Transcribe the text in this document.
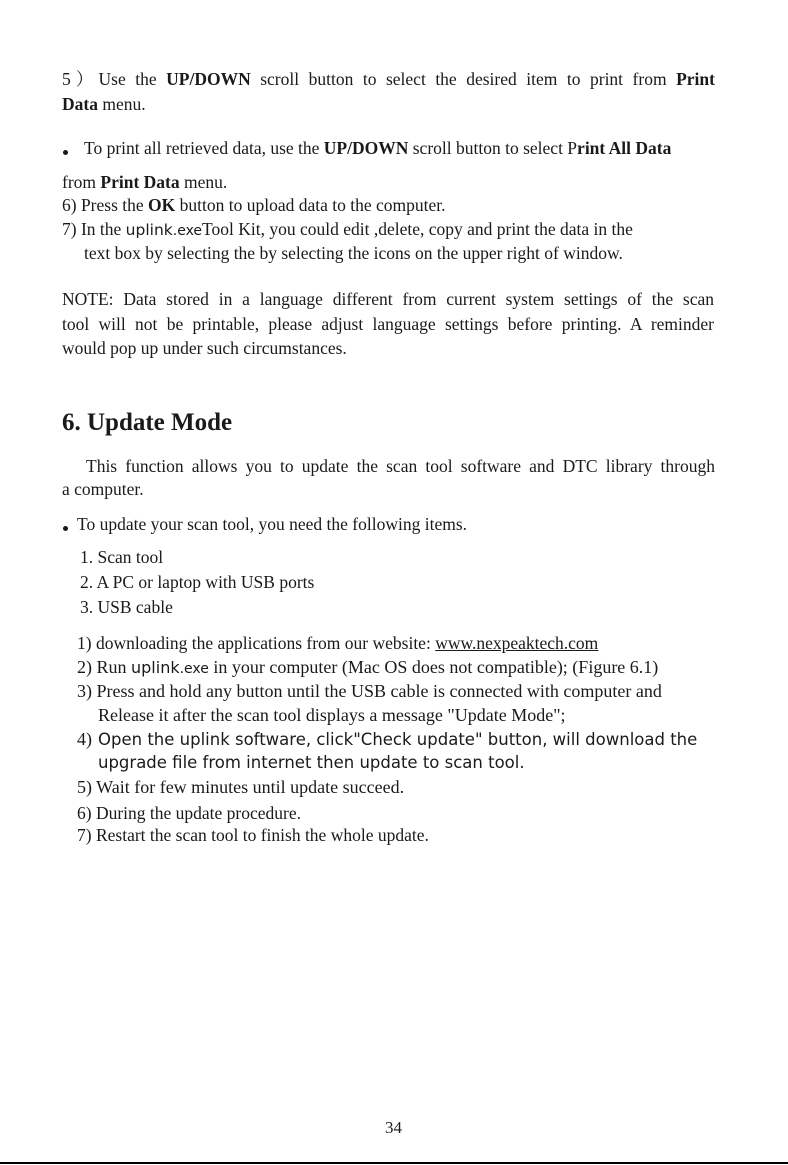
5）Use the UP/DOWN scroll button to select the desired item to print from Print
Data menu.
To print all retrieved data, use the UP/DOWN scroll button to select Print All Data
from Print Data menu.
6) Press the OK button to upload data to the computer.
7) In the uplink.exeTool Kit, you could edit ,delete, copy and print the data in the
text box by selecting the by selecting the icons on the upper right of window.
NOTE: Data stored in a language different from current system settings of the scan
tool will not be printable, please adjust language settings before printing. A reminder
would pop up under such circumstances.
6. Update Mode
This function allows you to update the scan tool software and DTC library through
a computer.
To update your scan tool, you need the following items.
1. Scan tool
2. A PC or laptop with USB ports
3. USB cable
1) downloading the applications from our website: www.nexpeaktech.com
2) Run uplink.exe in your computer (Mac OS does not compatible); (Figure 6.1)
3) Press and hold any button until the USB cable is connected with computer and
Release it after the scan tool displays a message "Update Mode";
4) Open the uplink software, click"Check update" button, will download the
upgrade file from internet then update to scan tool.
5) Wait for few minutes until update succeed.
6) During the update procedure.
7) Restart the scan tool to finish the whole update.
34
